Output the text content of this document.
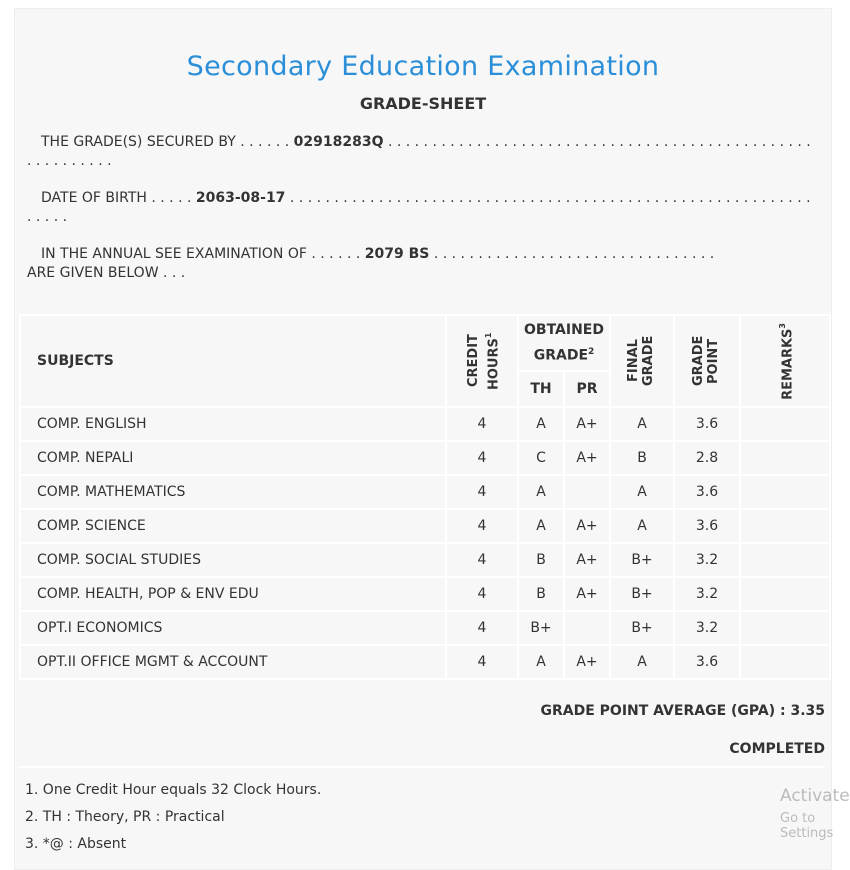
Secondary Education Examination
GRADE-SHEET
THE GRADE(S) SECURED BY . . . . . . 02918283Q . . . . . . . . . . . . . . . . . . . . . . . . . . . . . . . . . . . . . . . . . . . . . . . . . . . . . . . . . .
DATE OF BIRTH . . . . . 2063-08-17 . . . . . . . . . . . . . . . . . . . . . . . . . . . . . . . . . . . . . . . . . . . . . . . . . . . . . . . . . . . . . . . .
IN THE ANNUAL SEE EXAMINATION OF . . . . . . 2079 BS . . . . . . . . . . . . . . . . . . . . . . . . . . . . . . . .
ARE GIVEN BELOW . . .
SUBJECTS	CREDIT HOURS$^1$	OBTAINED GRADE$^2$		FINAL GRADE	GRADE POINT	REMARKS$^3$

		TH	PR			
COMP. ENGLISH	4	A	A+	A	3.6	
COMP. NEPALI	4	C	A+	B	2.8	
COMP. MATHEMATICS	4	A		A	3.6	
COMP. SCIENCE	4	A	A+	A	3.6	
COMP. SOCIAL STUDIES	4	B	A+	B+	3.2	
COMP. HEALTH, POP & ENV EDU	4	B	A+	B+	3.2	
OPT.I ECONOMICS	4	B+		B+	3.2	
OPT.II OFFICE MGMT & ACCOUNT	4	A	A+	A	3.6	
GRADE POINT AVERAGE (GPA) : 3.35
COMPLETED
1. One Credit Hour equals 32 Clock Hours.
2. TH : Theory, PR : Practical
3. *@ : Absent
Activate
Go to Settings
